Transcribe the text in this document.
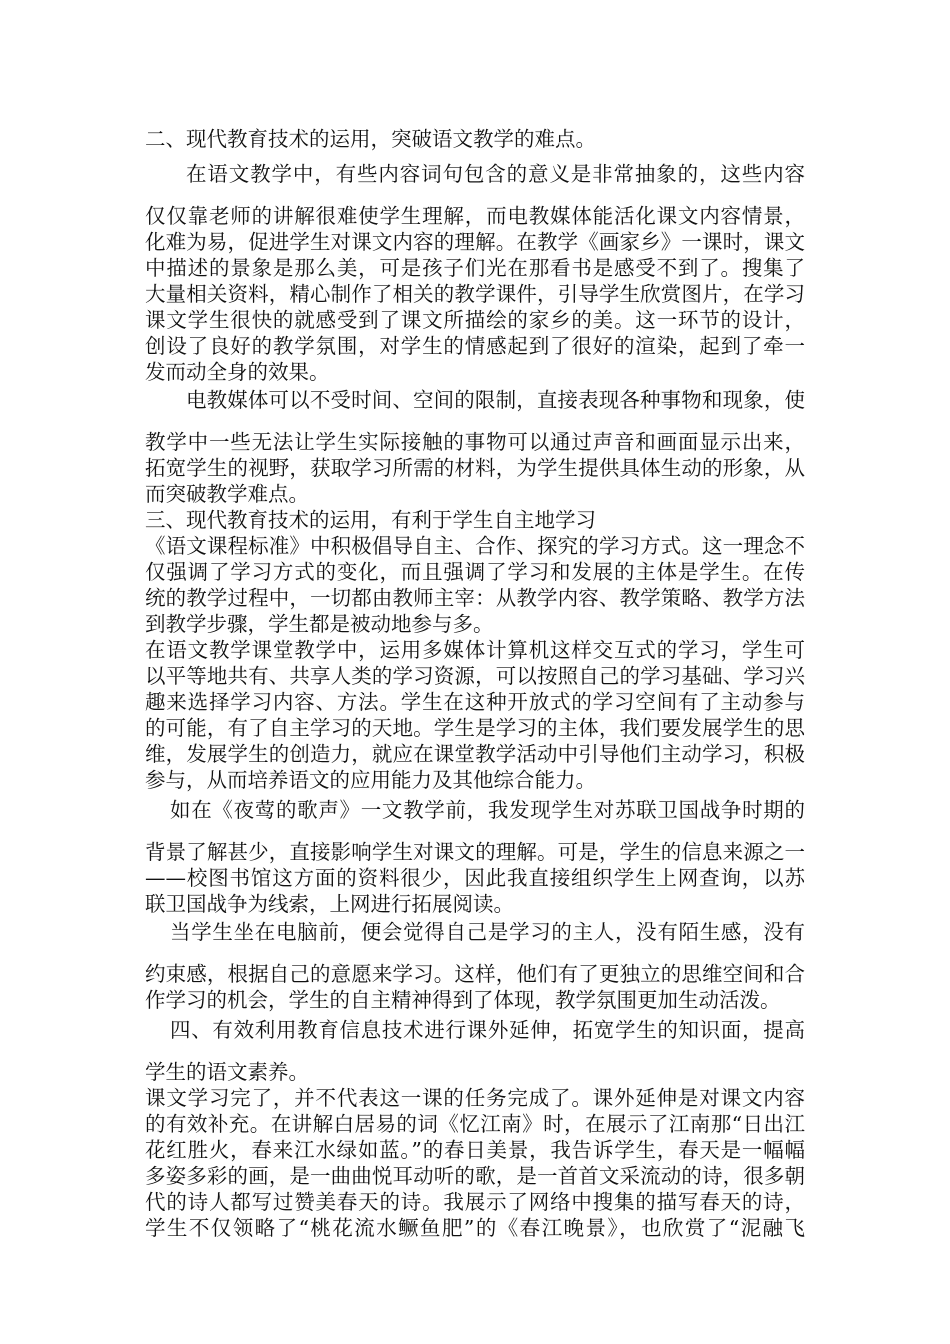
二、现代教育技术的运用，突破语文教学的难点。
在语文教学中，有些内容词句包含的意义是非常抽象的，这些内容
仅仅靠老师的讲解很难使学生理解，而电教媒体能活化课文内容情景，
化难为易，促进学生对课文内容的理解。在教学《画家乡》一课时，课文
中描述的景象是那么美，可是孩子们光在那看书是感受不到了。搜集了
大量相关资料，精心制作了相关的教学课件，引导学生欣赏图片，在学习
课文学生很快的就感受到了课文所描绘的家乡的美。这一环节的设计，
创设了良好的教学氛围，对学生的情感起到了很好的渲染，起到了牵一
发而动全身的效果。
电教媒体可以不受时间、空间的限制，直接表现各种事物和现象，使
教学中一些无法让学生实际接触的事物可以通过声音和画面显示出来，
拓宽学生的视野，获取学习所需的材料，为学生提供具体生动的形象，从
而突破教学难点。
三、现代教育技术的运用，有利于学生自主地学习
《语文课程标准》中积极倡导自主、合作、探究的学习方式。这一理念不
仅强调了学习方式的变化，而且强调了学习和发展的主体是学生。在传
统的教学过程中，一切都由教师主宰：从教学内容、教学策略、教学方法
到教学步骤，学生都是被动地参与多。
在语文教学课堂教学中，运用多媒体计算机这样交互式的学习，学生可
以平等地共有、共享人类的学习资源，可以按照自己的学习基础、学习兴
趣来选择学习内容、方法。学生在这种开放式的学习空间有了主动参与
的可能，有了自主学习的天地。学生是学习的主体，我们要发展学生的思
维，发展学生的创造力，就应在课堂教学活动中引导他们主动学习，积极
参与，从而培养语文的应用能力及其他综合能力。
如在《夜莺的歌声》一文教学前，我发现学生对苏联卫国战争时期的
背景了解甚少，直接影响学生对课文的理解。可是，学生的信息来源之一
——校图书馆这方面的资料很少，因此我直接组织学生上网查询，以苏
联卫国战争为线索，上网进行拓展阅读。
当学生坐在电脑前，便会觉得自己是学习的主人，没有陌生感，没有
约束感，根据自己的意愿来学习。这样，他们有了更独立的思维空间和合
作学习的机会，学生的自主精神得到了体现，教学氛围更加生动活泼。
四、有效利用教育信息技术进行课外延伸，拓宽学生的知识面，提高
学生的语文素养。
课文学习完了，并不代表这一课的任务完成了。课外延伸是对课文内容
的有效补充。在讲解白居易的词《忆江南》时，在展示了江南那“日出江
花红胜火，春来江水绿如蓝。”的春日美景，我告诉学生，春天是一幅幅
多姿多彩的画，是一曲曲悦耳动听的歌，是一首首文采流动的诗，很多朝
代的诗人都写过赞美春天的诗。我展示了网络中搜集的描写春天的诗，
学生不仅领略了“桃花流水鳜鱼肥”的《春江晚景》，也欣赏了“泥融飞
